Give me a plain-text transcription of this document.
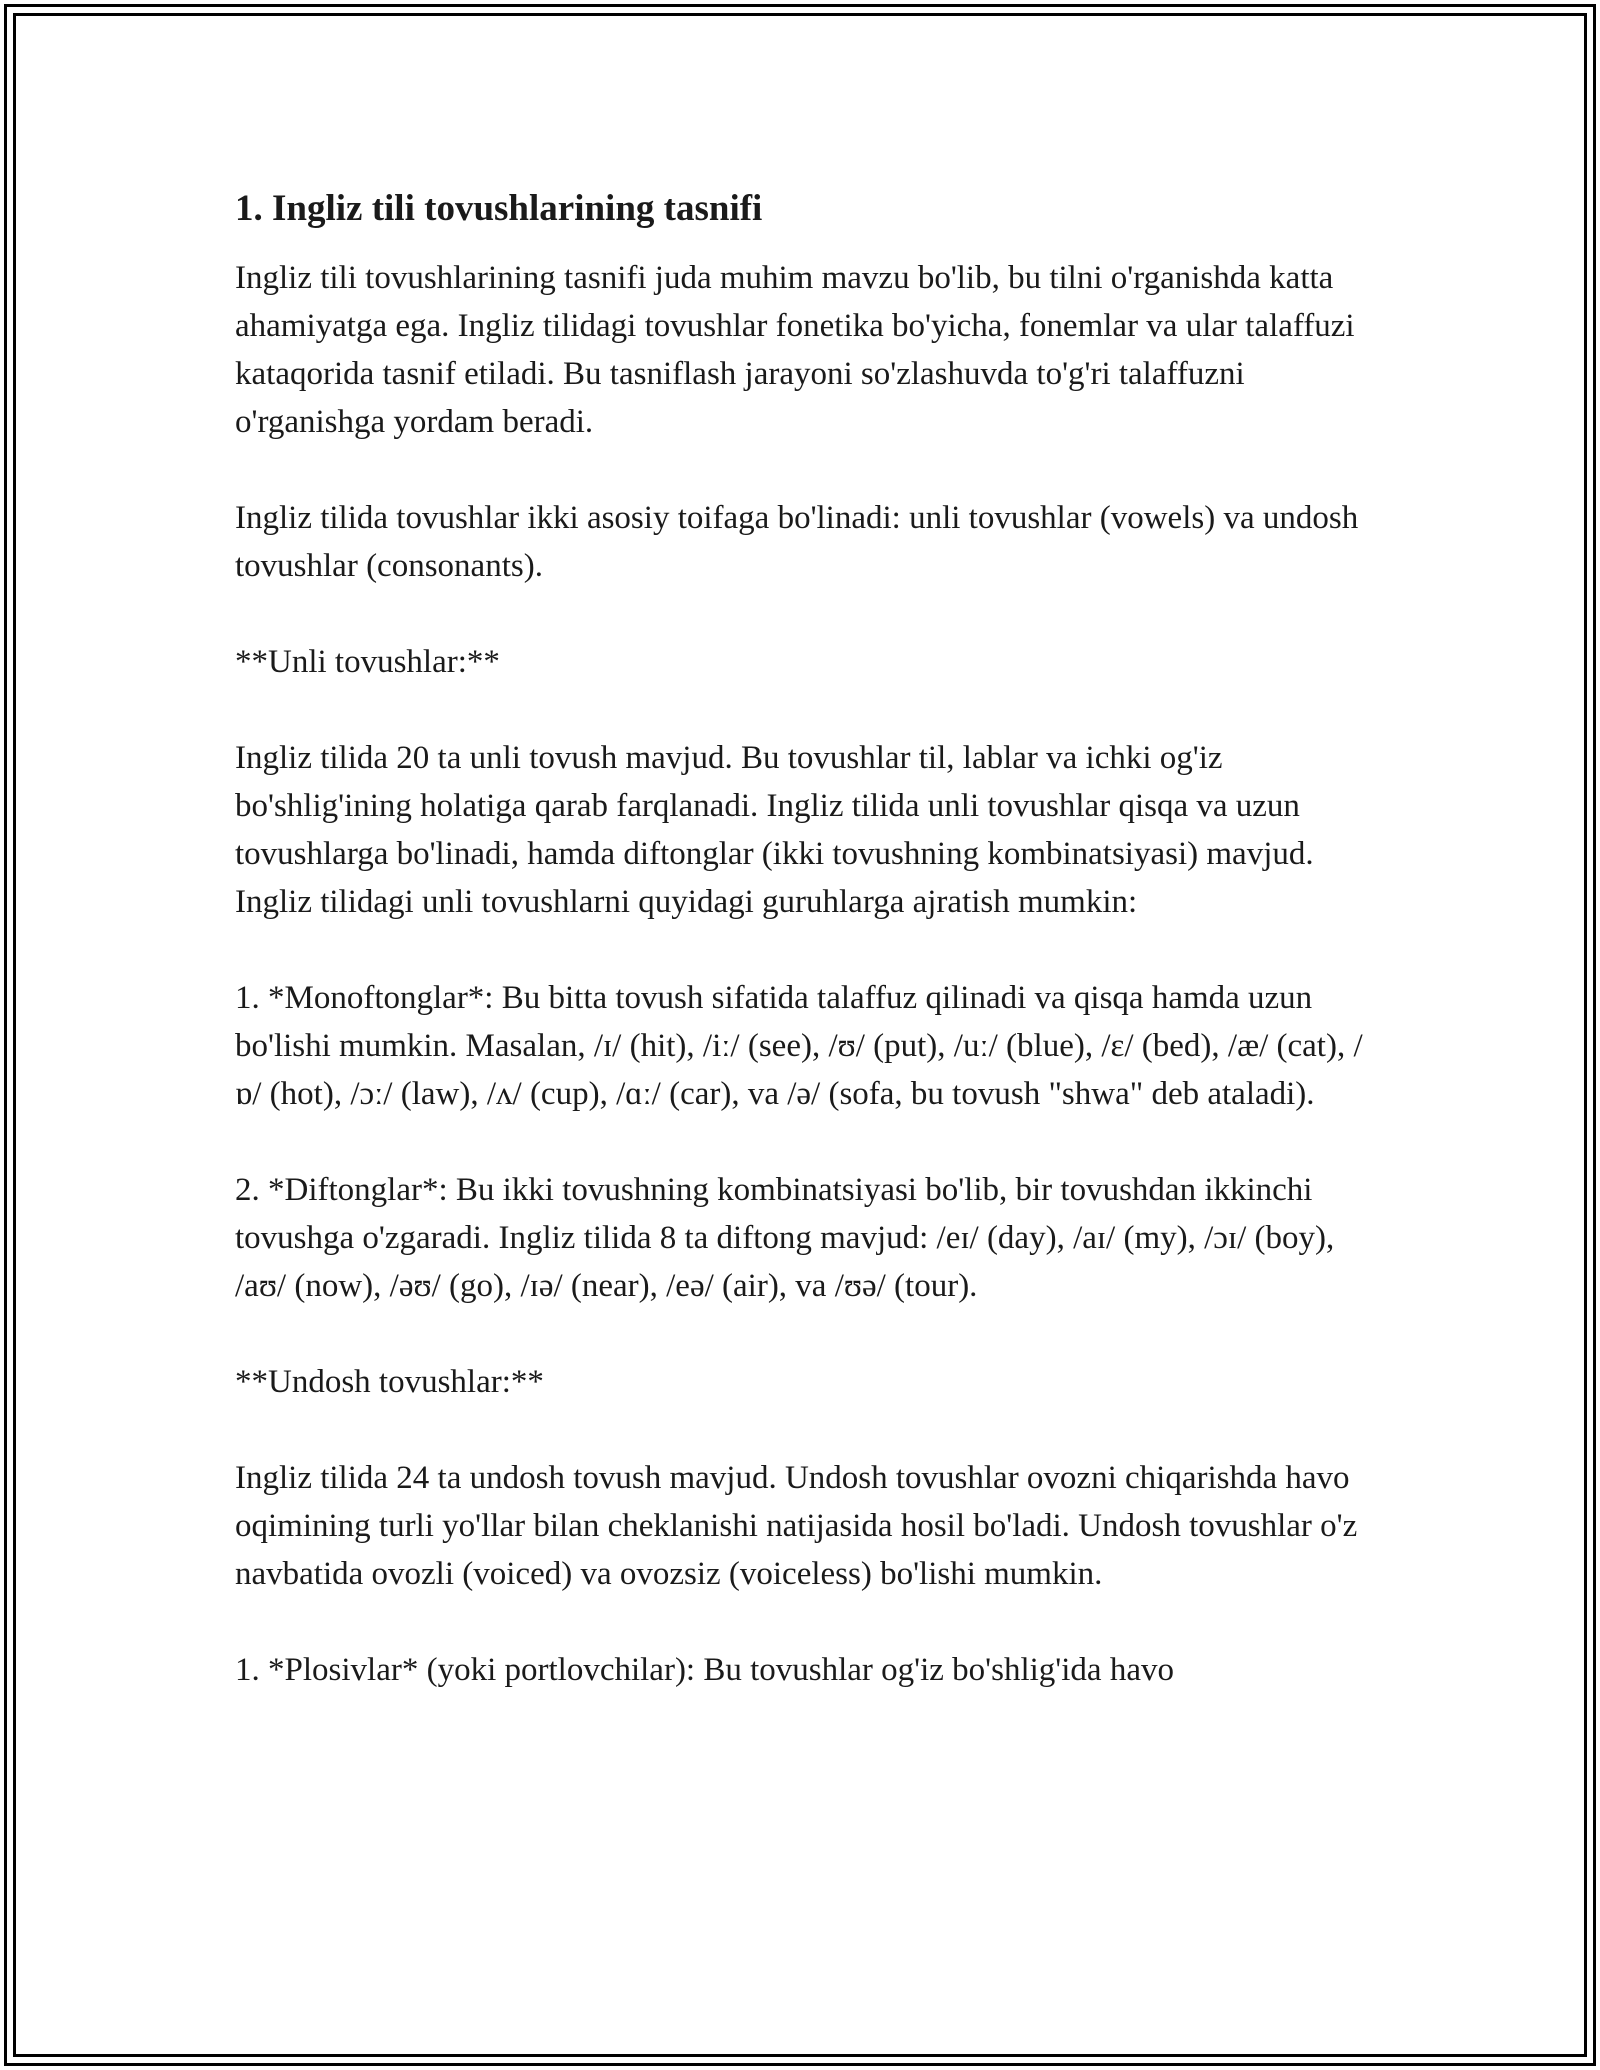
1. Ingliz tili tovushlarining tasnifi

Ingliz tili tovushlarining tasnifi juda muhim mavzu bo'lib, bu tilni o'rganishda katta ahamiyatga ega. Ingliz tilidagi tovushlar fonetika bo'yicha, fonemlar va ular talaffuzi kataqorida tasnif etiladi. Bu tasniflash jarayoni so'zlashuvda to'g'ri talaffuzni o'rganishga yordam beradi.

Ingliz tilida tovushlar ikki asosiy toifaga bo'linadi: unli tovushlar (vowels) va undosh tovushlar (consonants).

**Unli tovushlar:**

Ingliz tilida 20 ta unli tovush mavjud. Bu tovushlar til, lablar va ichki og'iz bo'shlig'ining holatiga qarab farqlanadi. Ingliz tilida unli tovushlar qisqa va uzun tovushlarga bo'linadi, hamda diftonglar (ikki tovushning kombinatsiyasi) mavjud. Ingliz tilidagi unli tovushlarni quyidagi guruhlarga ajratish mumkin:

1. *Monoftonglar*: Bu bitta tovush sifatida talaffuz qilinadi va qisqa hamda uzun bo'lishi mumkin. Masalan, /ɪ/ (hit), /iː/ (see), /ʊ/ (put), /uː/ (blue), /ɛ/ (bed), /æ/ (cat), /ɒ/ (hot), /ɔː/ (law), /ʌ/ (cup), /ɑː/ (car), va /ə/ (sofa, bu tovush "shwa" deb ataladi).

2. *Diftonglar*: Bu ikki tovushning kombinatsiyasi bo'lib, bir tovushdan ikkinchi tovushga o'zgaradi. Ingliz tilida 8 ta diftong mavjud: /eɪ/ (day), /aɪ/ (my), /ɔɪ/ (boy), /aʊ/ (now), /əʊ/ (go), /ɪə/ (near), /eə/ (air), va /ʊə/ (tour).

**Undosh tovushlar:**

Ingliz tilida 24 ta undosh tovush mavjud. Undosh tovushlar ovozni chiqarishda havo oqimining turli yo'llar bilan cheklanishi natijasida hosil bo'ladi. Undosh tovushlar o'z navbatida ovozli (voiced) va ovozsiz (voiceless) bo'lishi mumkin.

1. *Plosivlar* (yoki portlovchilar): Bu tovushlar og'iz bo'shlig'ida havo
